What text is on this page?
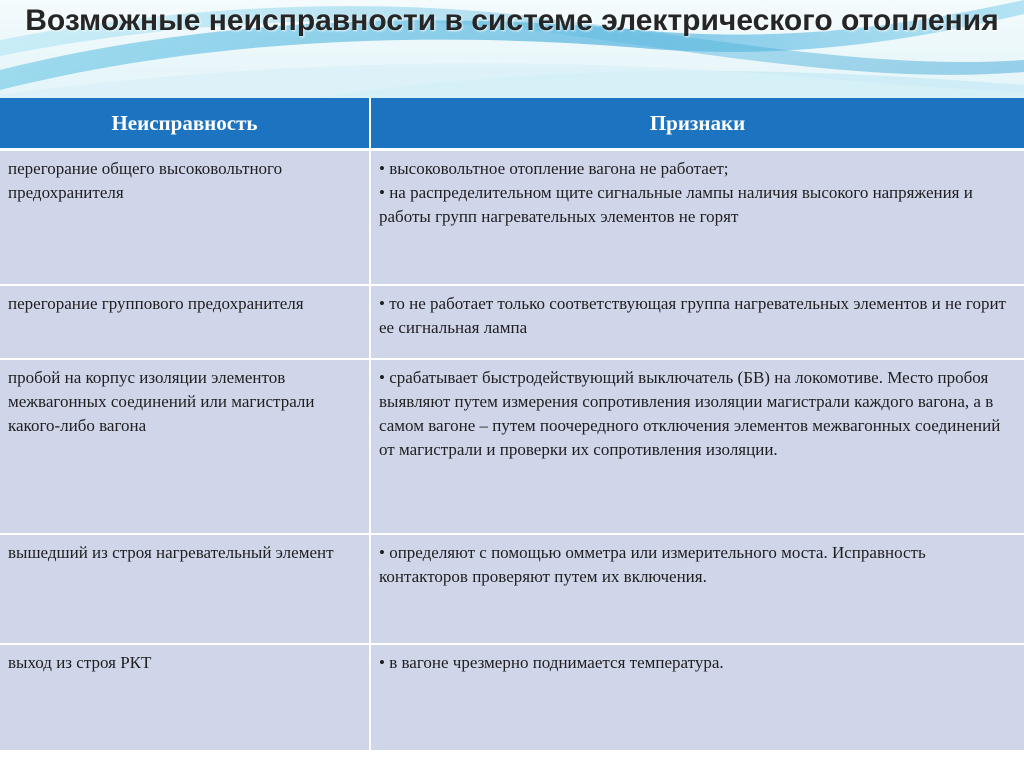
Возможные неисправности в системе электрического отопления
Неисправность	Признаки
перегорание общего высоковольтного предохранителя	• высоковольтное отопление вагона не работает;
• на распределительном щите сигнальные лампы наличия высокого напряжения и работы групп нагревательных элементов не горят

перегорание группового предохранителя	• то не работает только соответствующая группа нагревательных элементов и не горит ее сигнальная лампа

пробой на корпус изоляции элементов межвагонных соединений или магистрали какого-либо вагона	• срабатывает быстродействующий выключатель (БВ) на локомотиве. Место пробоя выявляют путем измерения сопротивления изоляции магистрали каждого вагона, а в самом вагоне – путем поочередного отключения элементов межвагонных соединений от магистрали и проверки их сопротивления изоляции.

вышедший из строя нагревательный элемент	• определяют с помощью омметра или измерительного моста. Исправность контакторов проверяют путем их включения.

выход из строя РКТ	• в вагоне чрезмерно поднимается температура.
